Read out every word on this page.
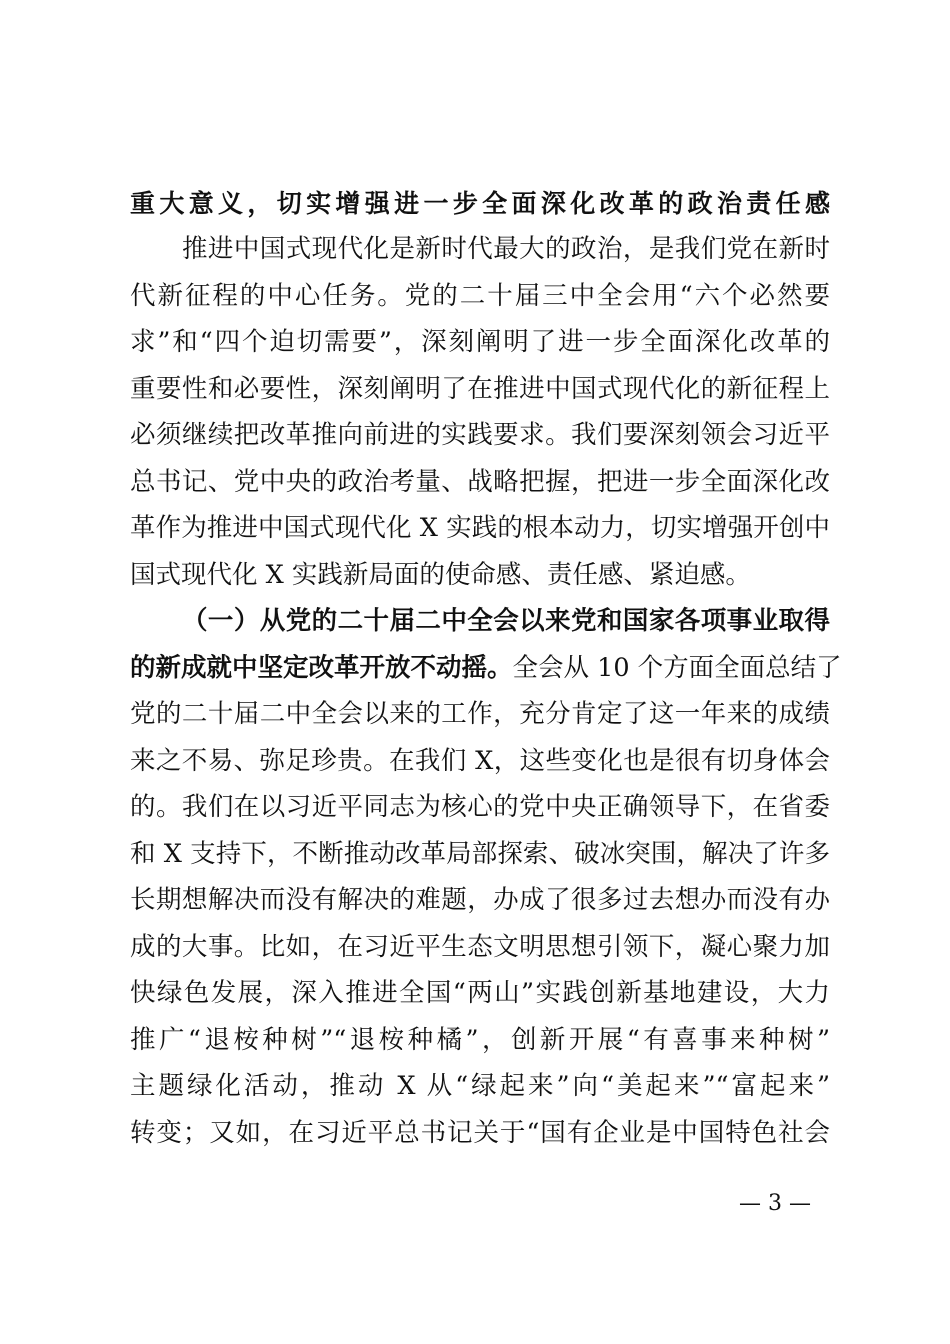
重大意义，切实增强进一步全面深化改革的政治责任感
推进中国式现代化是新时代最大的政治，是我们党在新时
代新征程的中心任务。党的二十届三中全会用“六个必然要
求”和“四个迫切需要”，深刻阐明了进一步全面深化改革的
重要性和必要性，深刻阐明了在推进中国式现代化的新征程上
必须继续把改革推向前进的实践要求。我们要深刻领会习近平
总书记、党中央的政治考量、战略把握，把进一步全面深化改
革作为推进中国式现代化 X 实践的根本动力，切实增强开创中
国式现代化 X 实践新局面的使命感、责任感、紧迫感。
（一）从党的二十届二中全会以来党和国家各项事业取得
的新成就中坚定改革开放不动摇。全会从 10 个方面全面总结了
党的二十届二中全会以来的工作，充分肯定了这一年来的成绩
来之不易、弥足珍贵。在我们 X，这些变化也是很有切身体会
的。我们在以习近平同志为核心的党中央正确领导下，在省委
和 X 支持下，不断推动改革局部探索、破冰突围，解决了许多
长期想解决而没有解决的难题，办成了很多过去想办而没有办
成的大事。比如，在习近平生态文明思想引领下，凝心聚力加
快绿色发展，深入推进全国“两山”实践创新基地建设，大力
推广“退桉种树”“退桉种橘”，创新开展“有喜事来种树”
主题绿化活动，推动 X 从“绿起来”向“美起来”“富起来”
转变；又如，在习近平总书记关于“国有企业是中国特色社会
— 3 —
